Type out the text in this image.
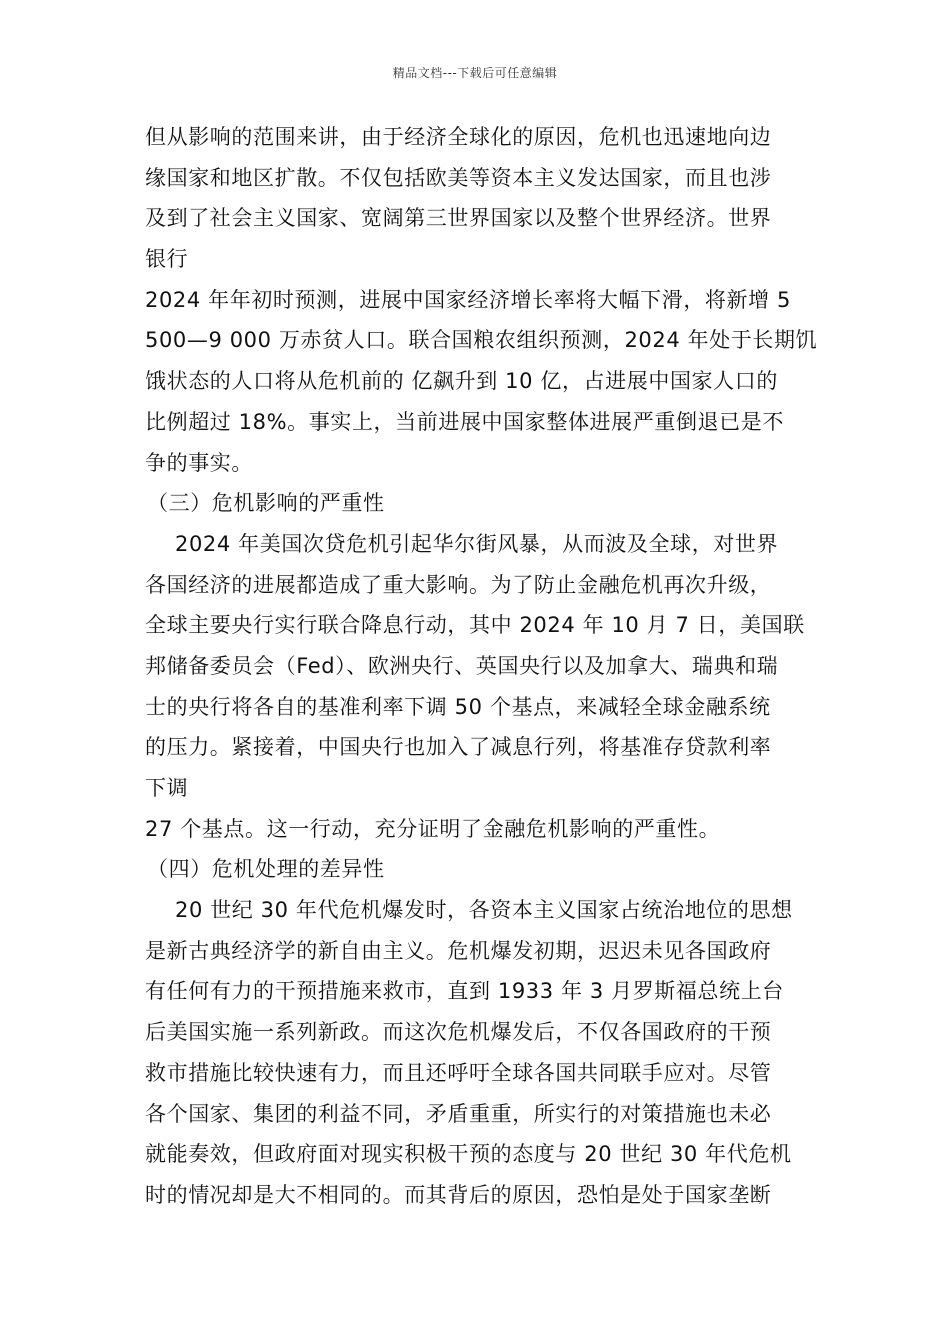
精品文档---下载后可任意编辑
但从影响的范围来讲，由于经济全球化的原因，危机也迅速地向边
缘国家和地区扩散。不仅包括欧美等资本主义发达国家，而且也涉
及到了社会主义国家、宽阔第三世界国家以及整个世界经济。世界
银行
2024 年年初时预测，进展中国家经济增长率将大幅下滑，将新增 5
500—9 000 万赤贫人口。联合国粮农组织预测，2024 年处于长期饥
饿状态的人口将从危机前的 亿飙升到 10 亿，占进展中国家人口的
比例超过 18%。事实上，当前进展中国家整体进展严重倒退已是不
争的事实。
（三）危机影响的严重性
2024 年美国次贷危机引起华尔街风暴，从而波及全球，对世界
各国经济的进展都造成了重大影响。为了防止金融危机再次升级，
全球主要央行实行联合降息行动，其中 2024 年 10 月 7 日，美国联
邦储备委员会（Fed）、欧洲央行、英国央行以及加拿大、瑞典和瑞
士的央行将各自的基准利率下调 50 个基点，来减轻全球金融系统
的压力。紧接着，中国央行也加入了减息行列，将基准存贷款利率
下调
27 个基点。这一行动，充分证明了金融危机影响的严重性。
（四）危机处理的差异性
20 世纪 30 年代危机爆发时，各资本主义国家占统治地位的思想
是新古典经济学的新自由主义。危机爆发初期，迟迟未见各国政府
有任何有力的干预措施来救市，直到 1933 年 3 月罗斯福总统上台
后美国实施一系列新政。而这次危机爆发后，不仅各国政府的干预
救市措施比较快速有力，而且还呼吁全球各国共同联手应对。尽管
各个国家、集团的利益不同，矛盾重重，所实行的对策措施也未必
就能奏效，但政府面对现实积极干预的态度与 20 世纪 30 年代危机
时的情况却是大不相同的。而其背后的原因，恐怕是处于国家垄断
